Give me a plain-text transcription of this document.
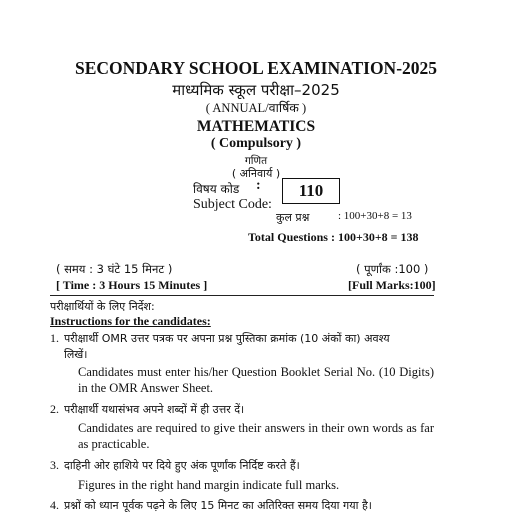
SECONDARY SCHOOL EXAMINATION-2025
माध्यमिक स्कूल परीक्षा–2025
( ANNUAL/वार्षिक )
MATHEMATICS
( Compulsory )
गणित
( अनिवार्य )
विषय कोड :
Subject Code:
110
कुल प्रश्न	: 100+30+8 = 13
Total Questions : 100+30+8 = 138
( समय : 3 घंटे 15 मिनट )
[ Time : 3 Hours 15 Minutes ]
( पूर्णांक :100 )
[Full Marks:100]
परीक्षार्थियों के लिए निर्देश:
Instructions for the candidates:
1. परीक्षार्थी OMR उत्तर पत्रक पर अपना प्रश्न पुस्तिका क्रमांक (10 अंकों का) अवश्य
लिखें।
Candidates must enter his/her Question Booklet Serial No. (10 Digits) in the OMR Answer Sheet.
2. परीक्षार्थी यथासंभव अपने शब्दों में ही उत्तर दें।
Candidates are required to give their answers in their own words as far as practicable.
3. दाहिनी ओर हाशिये पर दिये हुए अंक पूर्णांक निर्दिष्ट करते हैं।
Figures in the right hand margin indicate full marks.
4. प्रश्नों को ध्यान पूर्वक पढ़ने के लिए 15 मिनट का अतिरिक्त समय दिया गया है।
